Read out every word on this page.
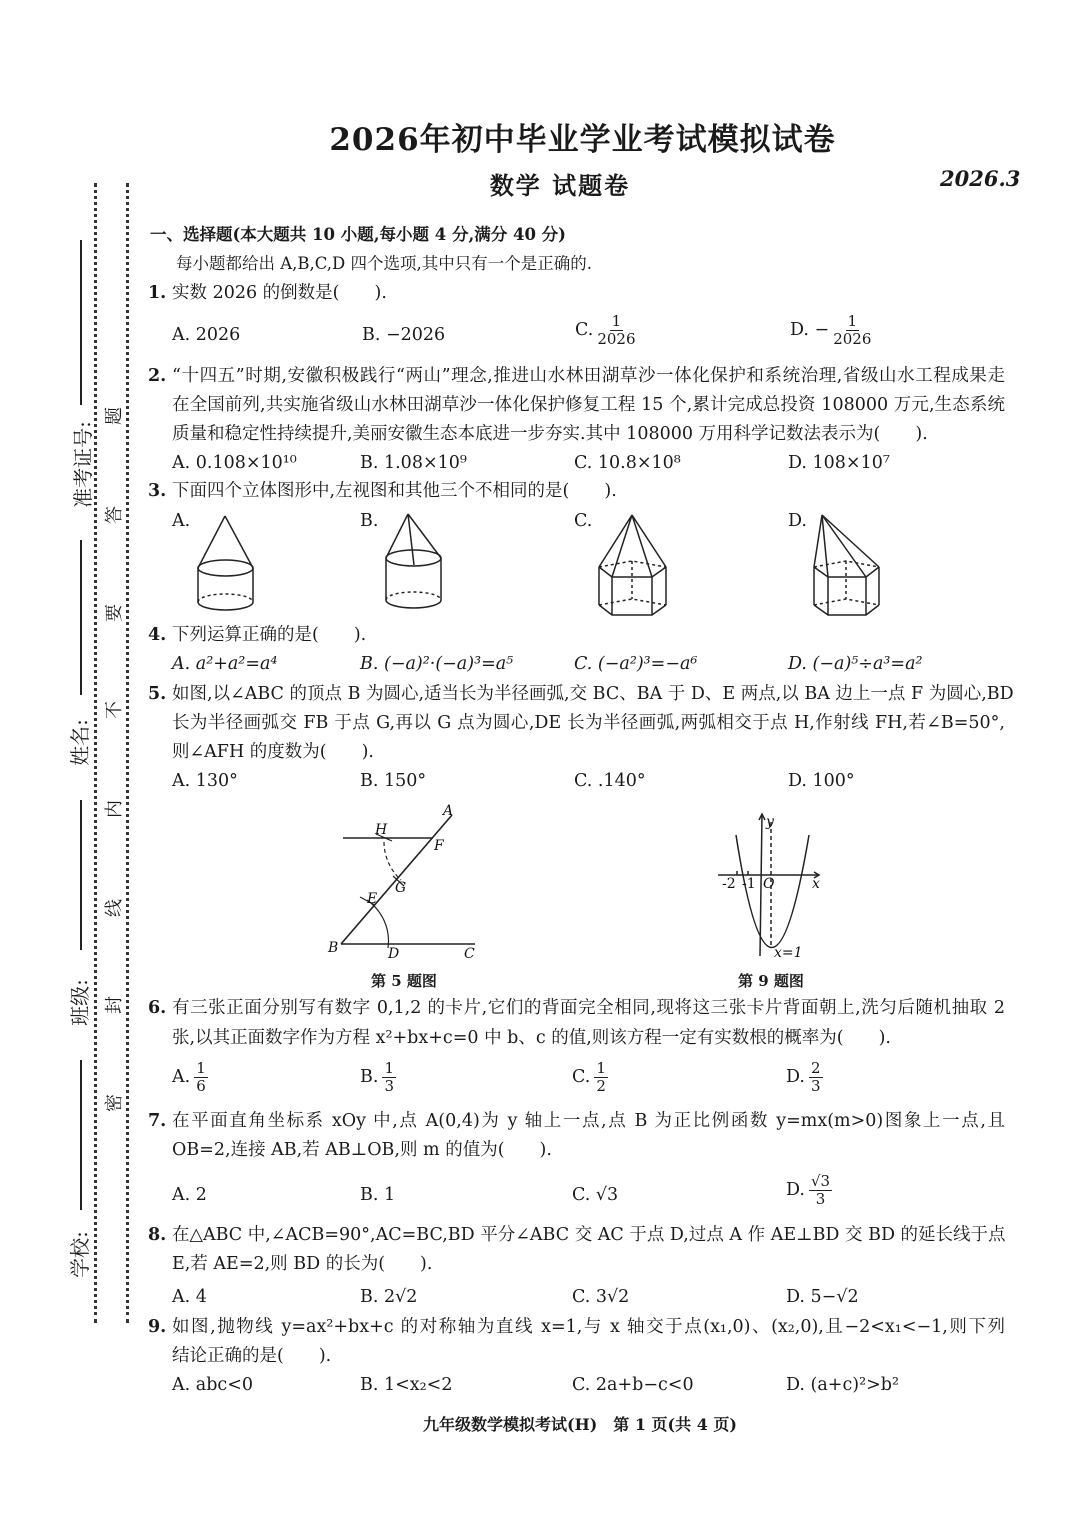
准考证号:
姓名:
班级:
学校:
题
答
要
不
内
线
封
密
2026年初中毕业学业考试模拟试卷
数学 试题卷	2026.3
一、选择题(本大题共 10 小题,每小题 4 分,满分 40 分)
每小题都给出 A,B,C,D 四个选项,其中只有一个是正确的.
1. 实数 2026 的倒数是(　　).
A. 2026	B. −2026	C. $\frac{1}{2026}$	D. − $\frac{1}{2026}$
2. “十四五”时期,安徽积极践行“两山”理念,推进山水林田湖草沙一体化保护和系统治理,省级山水工程成果走
在全国前列,共实施省级山水林田湖草沙一体化保护修复工程 15 个,累计完成总投资 108000 万元,生态系统
质量和稳定性持续提升,美丽安徽生态本底进一步夯实.其中 108000 万用科学记数法表示为(　　).
A. 0.108×10¹⁰	B. 1.08×10⁹	C. 10.8×10⁸	D. 108×10⁷
3. 下面四个立体图形中,左视图和其他三个不相同的是(　　).
A.	B.	C.	D.
4. 下列运算正确的是(　　).
A. a²+a²=a⁴	B. (−a)²·(−a)³=a⁵	C. (−a²)³=−a⁶	D. (−a)⁵÷a³=a²
5. 如图,以∠ABC 的顶点 B 为圆心,适当长为半径画弧,交 BC、BA 于 D、E 两点,以 BA 边上一点 F 为圆心,BD
长为半径画弧交 FB 于点 G,再以 G 点为圆心,DE 长为半径画弧,两弧相交于点 H,作射线 FH,若∠B=50°,
则∠AFH 的度数为(　　).
A. 130°	B. 150°	C. .140°	D. 100°
A
B	C
D
E
F
G
H
第 5 题图
-2 -1 O	x
y
x=1
第 9 题图
6. 有三张正面分别写有数字 0,1,2 的卡片,它们的背面完全相同,现将这三张卡片背面朝上,洗匀后随机抽取 2
张,以其正面数字作为方程 x²+bx+c=0 中 b、c 的值,则该方程一定有实数根的概率为(　　).
A. $\frac{1}{6}$	B. $\frac{1}{3}$	C. $\frac{1}{2}$	D. $\frac{2}{3}$
7. 在平面直角坐标系 xOy 中,点 A(0,4)为 y 轴上一点,点 B 为正比例函数 y=mx(m>0)图象上一点,且
OB=2,连接 AB,若 AB⊥OB,则 m 的值为(　　).
A. 2	B. 1	C. √3	D. $\frac{√3}{3}$
8. 在△ABC 中,∠ACB=90°,AC=BC,BD 平分∠ABC 交 AC 于点 D,过点 A 作 AE⊥BD 交 BD 的延长线于点
E,若 AE=2,则 BD 的长为(　　).
A. 4	B. 2√2	C. 3√2	D. 5−√2
9. 如图,抛物线 y=ax²+bx+c 的对称轴为直线 x=1,与 x 轴交于点(x₁,0)、(x₂,0),且−2<x₁<−1,则下列
结论正确的是(　　).
A. abc<0	B. 1<x₂<2	C. 2a+b−c<0	D. (a+c)²>b²
九年级数学模拟考试(H)　第 1 页(共 4 页)
